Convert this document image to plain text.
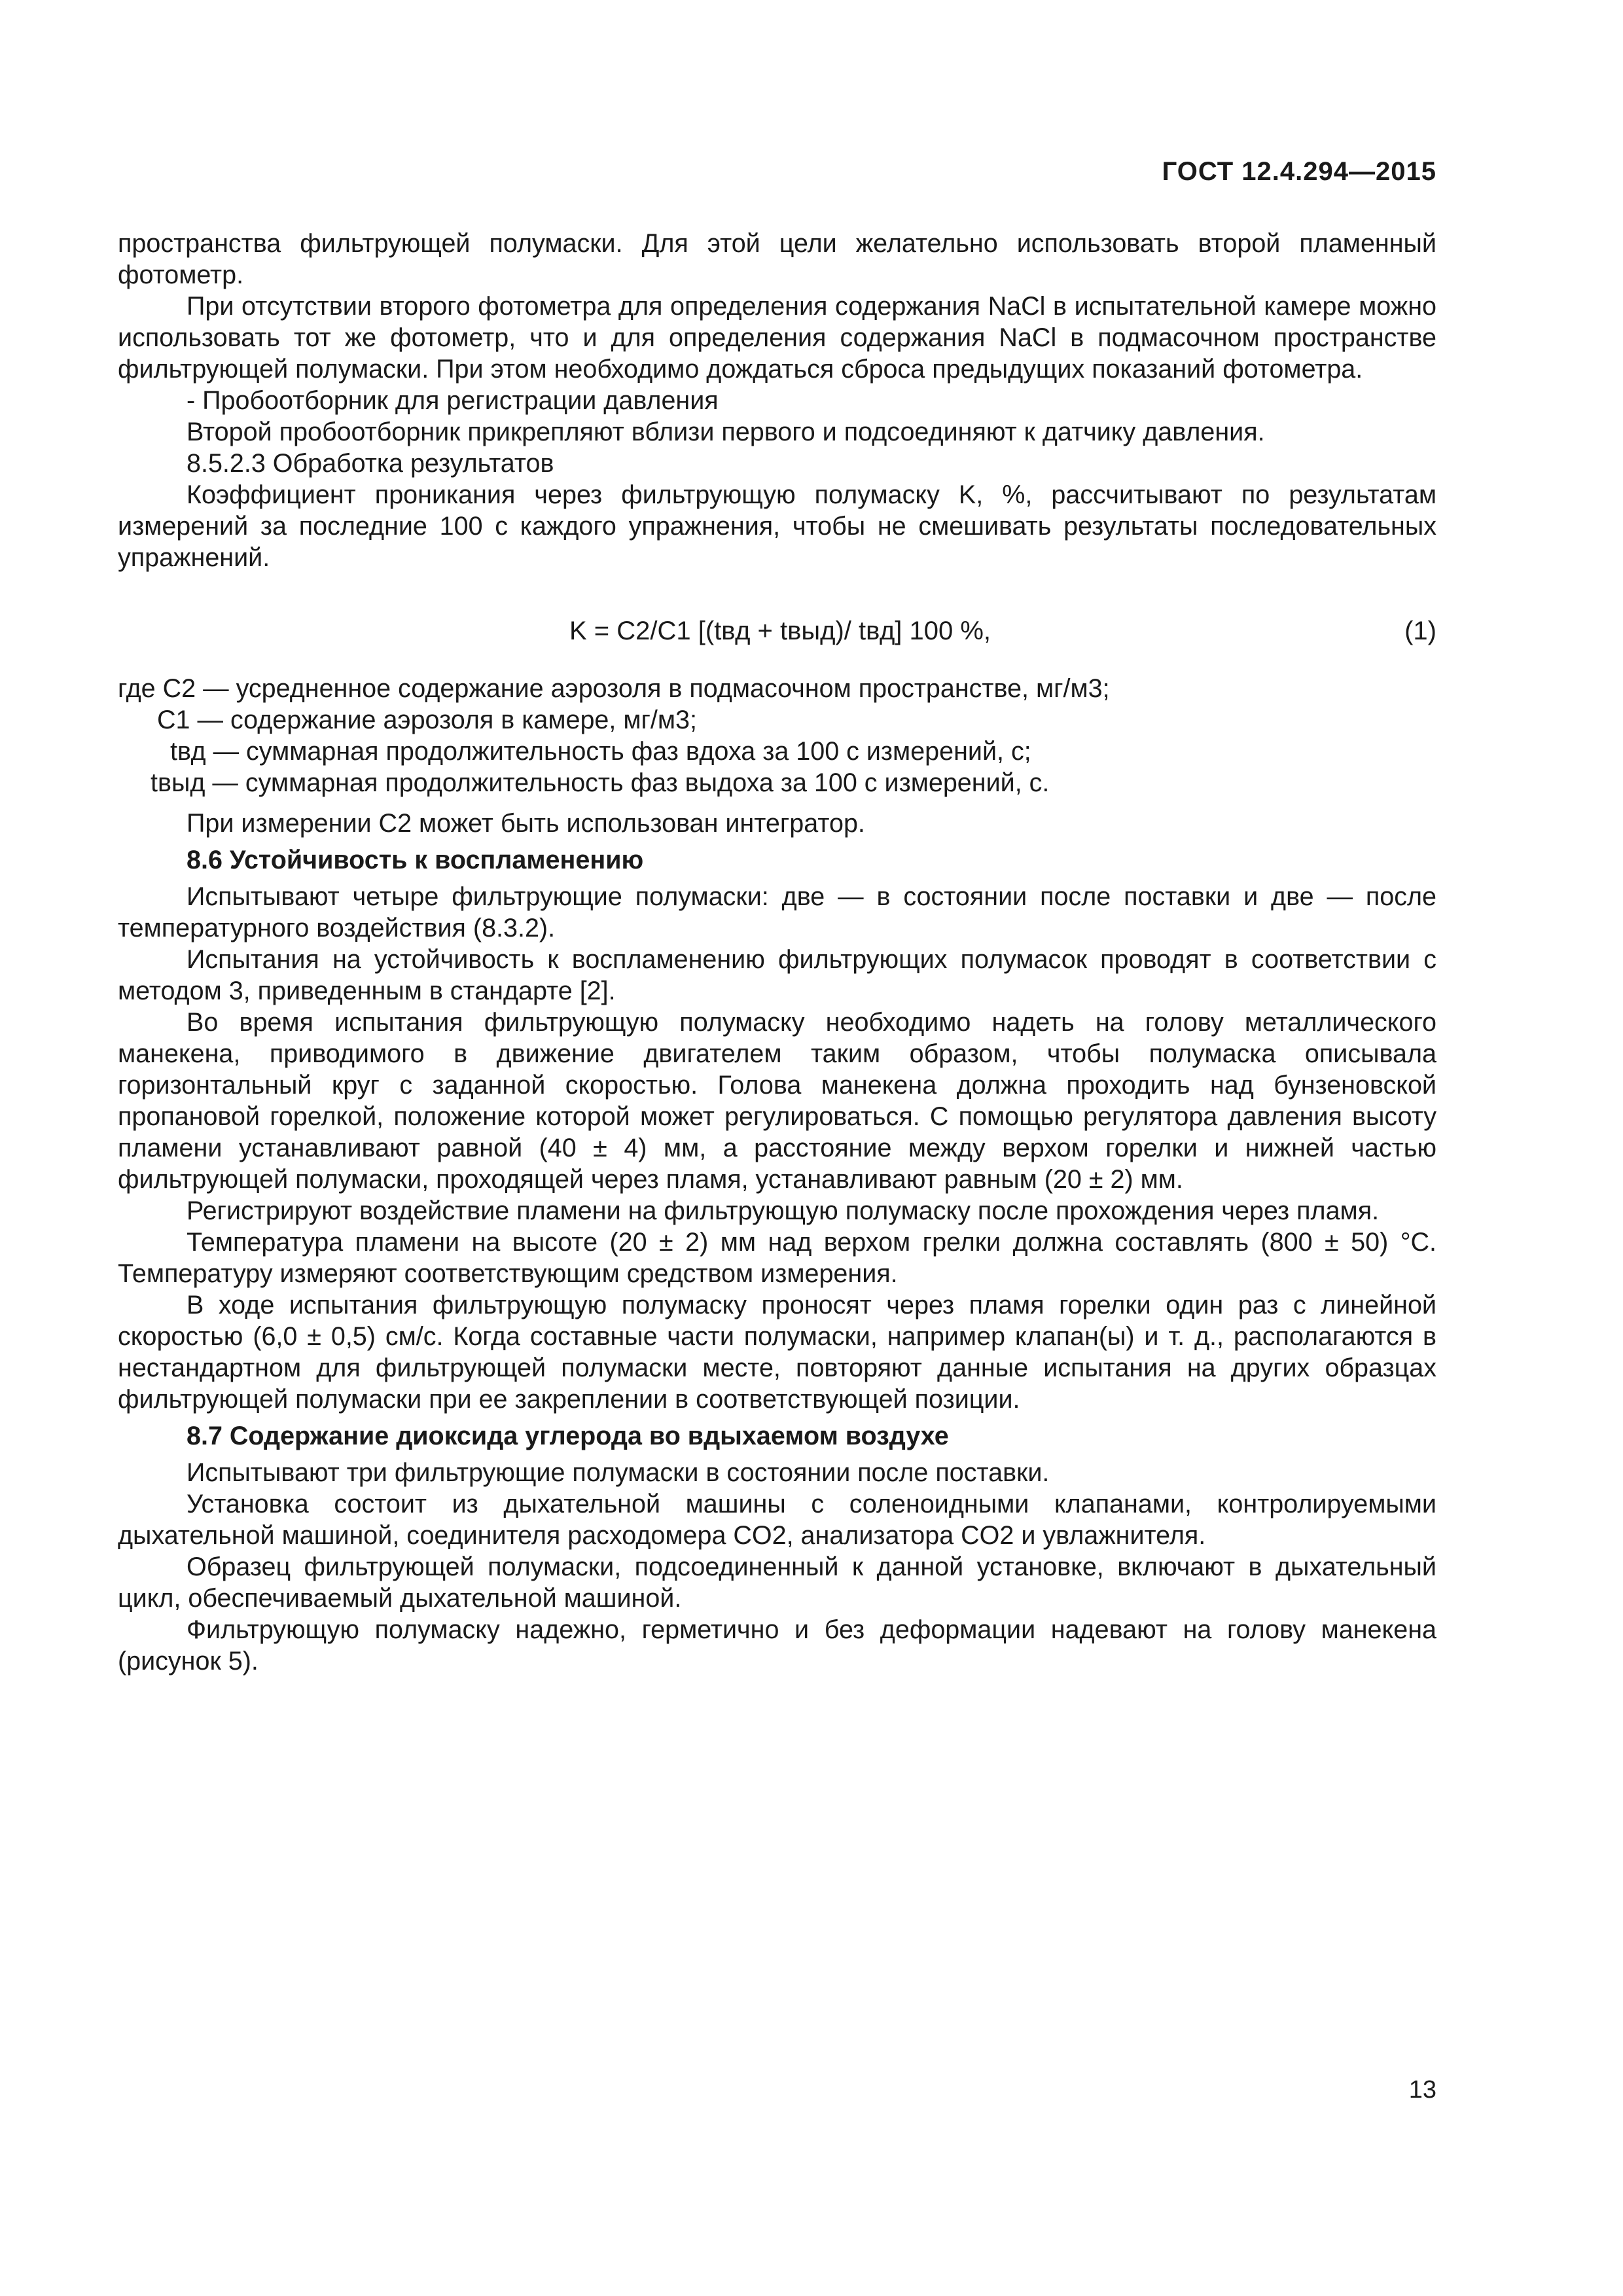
ГОСТ 12.4.294—2015

пространства фильтрующей полумаски. Для этой цели желательно использовать второй пламенный фотометр.

При отсутствии второго фотометра для определения содержания NaCl в испытательной камере можно использовать тот же фотометр, что и для определения содержания NaCl в подмасочном пространстве фильтрующей полумаски. При этом необходимо дождаться сброса предыдущих показаний фотометра.

- Пробоотборник для регистрации давления

Второй пробоотборник прикрепляют вблизи первого и подсоединяют к датчику давления.

8.5.2.3 Обработка результатов

Коэффициент проникания через фильтрующую полумаску K, %, рассчитывают по результатам измерений за последние 100 с каждого упражнения, чтобы не смешивать результаты последовательных упражнений.

K = C2/C1 [(tвд + tвыд)/ tвд] 100 %,	(1)

где C2 — усредненное содержание аэрозоля в подмасочном пространстве, мг/м3;

C1 — содержание аэрозоля в камере, мг/м3;

tвд — суммарная продолжительность фаз вдоха за 100 с измерений, с;

tвыд — суммарная продолжительность фаз выдоха за 100 с измерений, с.

При измерении C2 может быть использован интегратор.

8.6 Устойчивость к воспламенению

Испытывают четыре фильтрующие полумаски: две — в состоянии после поставки и две — после температурного воздействия (8.3.2).

Испытания на устойчивость к воспламенению фильтрующих полумасок проводят в соответствии с методом 3, приведенным в стандарте [2].

Во время испытания фильтрующую полумаску необходимо надеть на голову металлического манекена, приводимого в движение двигателем таким образом, чтобы полумаска описывала горизонтальный круг с заданной скоростью. Голова манекена должна проходить над бунзеновской пропановой горелкой, положение которой может регулироваться. С помощью регулятора давления высоту пламени устанавливают равной (40 ± 4) мм, а расстояние между верхом горелки и нижней частью фильтрующей полумаски, проходящей через пламя, устанавливают равным (20 ± 2) мм.

Регистрируют воздействие пламени на фильтрующую полумаску после прохождения через пламя.

Температура пламени на высоте (20 ± 2) мм над верхом грелки должна составлять (800 ± 50) °С. Температуру измеряют соответствующим средством измерения.

В ходе испытания фильтрующую полумаску проносят через пламя горелки один раз с линейной скоростью (6,0 ± 0,5) см/с. Когда составные части полумаски, например клапан(ы) и т. д., располагаются в нестандартном для фильтрующей полумаски месте, повторяют данные испытания на других образцах фильтрующей полумаски при ее закреплении в соответствующей позиции.

8.7 Содержание диоксида углерода во вдыхаемом воздухе

Испытывают три фильтрующие полумаски в состоянии после поставки.

Установка состоит из дыхательной машины с соленоидными клапанами, контролируемыми дыхательной машиной, соединителя расходомера CO2, анализатора CO2 и увлажнителя.

Образец фильтрующей полумаски, подсоединенный к данной установке, включают в дыхательный цикл, обеспечиваемый дыхательной машиной.

Фильтрующую полумаску надежно, герметично и без деформации надевают на голову манекена (рисунок 5).

13
